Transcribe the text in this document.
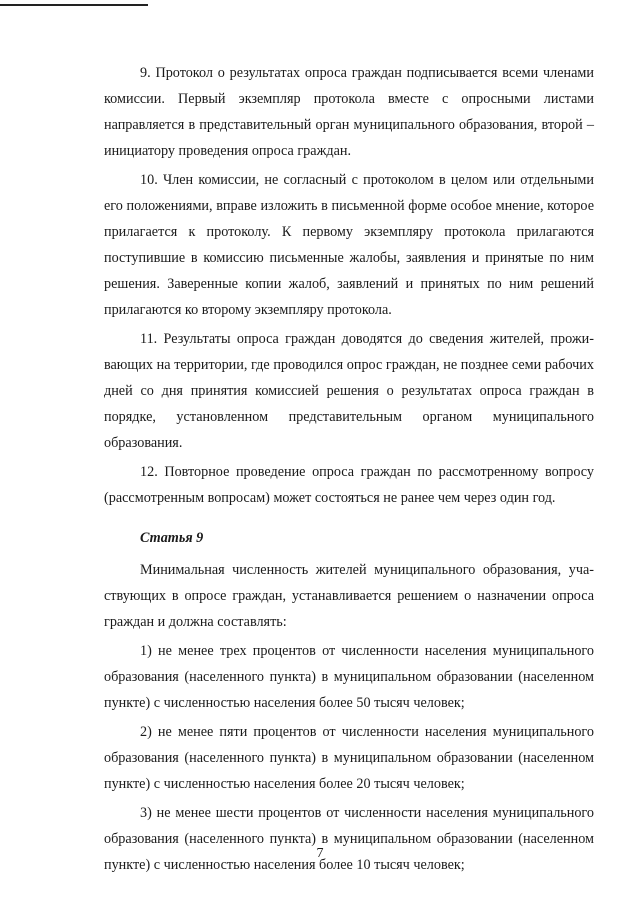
9. Протокол о результатах опроса граждан подписывается всеми членами комиссии. Первый экземпляр протокола вместе с опросными листами направляется в представительный орган муниципального образования, второй – инициатору проведения опроса граждан.

10. Член комиссии, не согласный с протоколом в целом или отдельными его положениями, вправе изложить в письменной форме особое мнение, которое прилагается к протоколу. К первому экземпляру протокола прилагаются поступившие в комиссию письменные жалобы, заявления и принятые по ним решения. Заверенные копии жалоб, заявлений и принятых по ним решений прилагаются ко второму экземпляру протокола.

11. Результаты опроса граждан доводятся до сведения жителей, проживающих на территории, где проводился опрос граждан, не позднее семи рабочих дней со дня принятия комиссией решения о результатах опроса граждан в порядке, установленном представительным органом муниципального образования.

12. Повторное проведение опроса граждан по рассмотренному вопросу (рассмотренным вопросам) может состояться не ранее чем через один год.

Статья 9

Минимальная численность жителей муниципального образования, участвующих в опросе граждан, устанавливается решением о назначении опроса граждан и должна составлять:

1) не менее трех процентов от численности населения муниципального образования (населенного пункта) в муниципальном образовании (населенном пункте) с численностью населения более 50 тысяч человек;

2) не менее пяти процентов от численности населения муниципального образования (населенного пункта) в муниципальном образовании (населенном пункте) с численностью населения более 20 тысяч человек;

3) не менее шести процентов от численности населения муниципального образования (населенного пункта) в муниципальном образовании (населенном пункте) с численностью населения более 10 тысяч человек;

7
